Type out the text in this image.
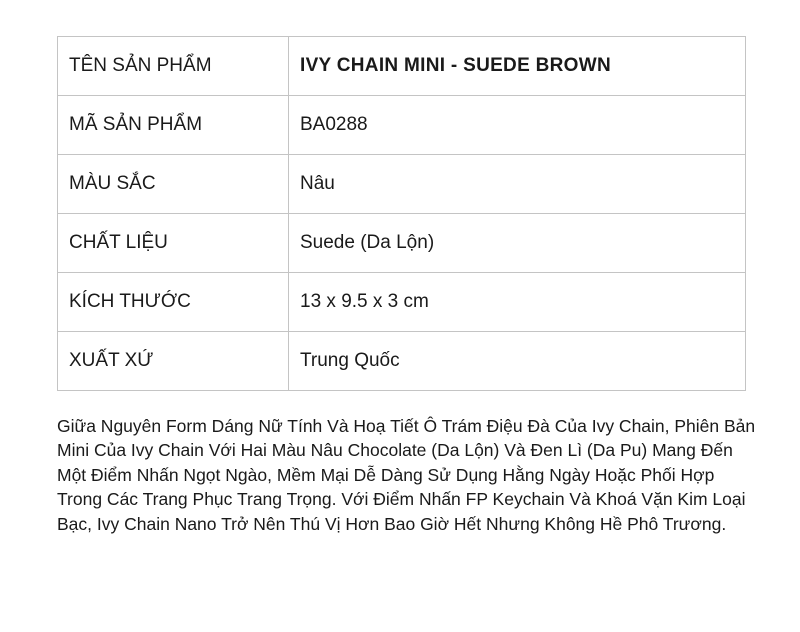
TÊN SẢN PHẨM	IVY CHAIN MINI - SUEDE BROWN
MÃ SẢN PHẨM	BA0288
MÀU SẮC	Nâu
CHẤT LIỆU	Suede (Da Lộn)
KÍCH THƯỚC	13 x 9.5 x 3 cm
XUẤT XỨ	Trung Quốc

Giữa Nguyên Form Dáng Nữ Tính Và Hoạ Tiết Ô Trám Điệu Đà Của Ivy Chain, Phiên Bản Mini Của Ivy Chain Với Hai Màu Nâu Chocolate (Da Lộn) Và Đen Lì (Da Pu) Mang Đến Một Điểm Nhấn Ngọt Ngào, Mềm Mại Dễ Dàng Sử Dụng Hằng Ngày Hoặc Phối Hợp Trong Các Trang Phục Trang Trọng. Với Điểm Nhấn FP Keychain Và Khoá Vặn Kim Loại Bạc, Ivy Chain Nano Trở Nên Thú Vị Hơn Bao Giờ Hết Nhưng Không Hề Phô Trương.
